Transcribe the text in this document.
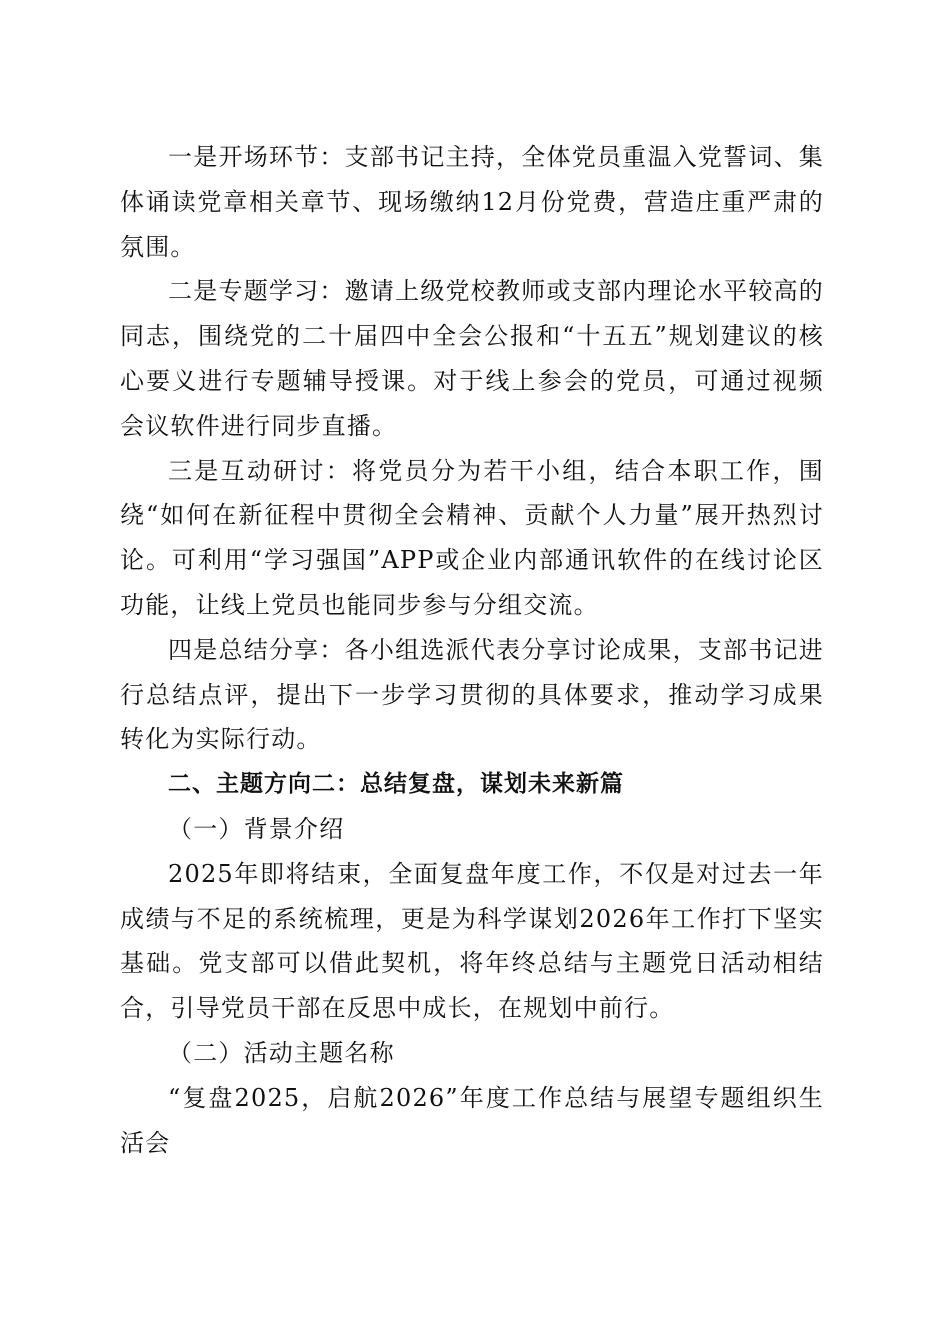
一是开场环节：支部书记主持，全体党员重温入党誓词、集体诵读党章相关章节、现场缴纳12月份党费，营造庄重严肃的氛围。

二是专题学习：邀请上级党校教师或支部内理论水平较高的同志，围绕党的二十届四中全会公报和“十五五”规划建议的核心要义进行专题辅导授课。对于线上参会的党员，可通过视频会议软件进行同步直播。

三是互动研讨：将党员分为若干小组，结合本职工作，围绕“如何在新征程中贯彻全会精神、贡献个人力量”展开热烈讨论。可利用“学习强国”APP或企业内部通讯软件的在线讨论区功能，让线上党员也能同步参与分组交流。

四是总结分享：各小组选派代表分享讨论成果，支部书记进行总结点评，提出下一步学习贯彻的具体要求，推动学习成果转化为实际行动。

二、主题方向二：总结复盘，谋划未来新篇

（一）背景介绍

2025年即将结束，全面复盘年度工作，不仅是对过去一年成绩与不足的系统梳理，更是为科学谋划2026年工作打下坚实基础。党支部可以借此契机，将年终总结与主题党日活动相结合，引导党员干部在反思中成长，在规划中前行。

（二）活动主题名称

“复盘2025，启航2026”年度工作总结与展望专题组织生活会
